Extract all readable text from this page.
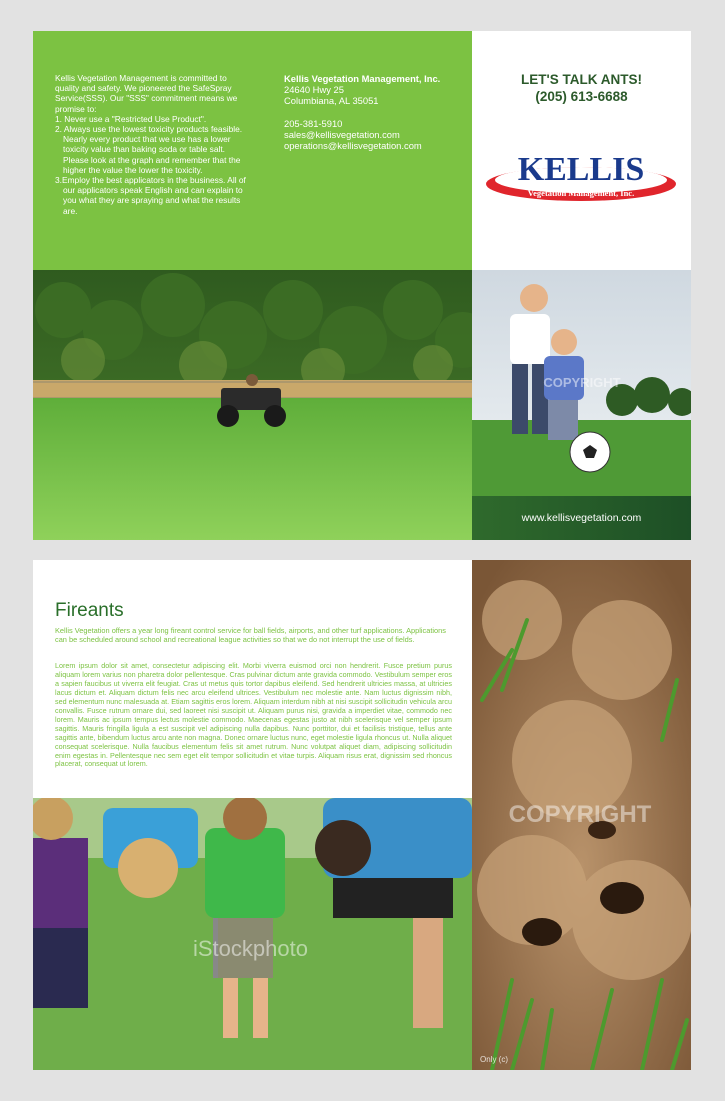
Kellis Vegetation Management is committed to quality and safety. We pioneered the SafeSpray Service(SSS). Our "SSS" commitment means we promise to:

1. Never use a "Restricted Use Product".
2. Always use the lowest toxicity products feasible. Nearly every product that we use has a lower toxicity value than baking soda or table salt. Please look at the graph and remember that the higher the value the lower the toxicity.
3.Employ the best applicators in the business. All of our applicators speak English and can explain to you what they are spraying and what the results are.
Kellis Vegetation Management, Inc.
24640 Hwy 25
Columbiana, AL 35051
205-381-5910
sales@kellisvegetation.com
operations@kellisvegetation.com
LET'S TALK ANTS!
(205) 613-6688
KELLIS
Vegetation Management, Inc.
COPYRIGHT
www.kellisvegetation.com
Fireants

Kellis Vegetation offers a year long fireant control service for ball fields, airports, and other turf applications. Applications can be scheduled around school and recreational league activities so that we do not interrupt the use of fields.

Lorem ipsum dolor sit amet, consectetur adipiscing elit. Morbi viverra euismod orci non hendrerit. Fusce pretium purus aliquam lorem varius non pharetra dolor pellentesque. Cras pulvinar dictum ante gravida commodo. Vestibulum semper eros a sapien faucibus ut viverra elit feugiat. Cras ut metus quis tortor dapibus eleifend. Sed hendrerit ultricies massa, at ultricies lacus dictum et. Aliquam dictum felis nec arcu eleifend ultrices. Vestibulum nec molestie ante. Nam luctus dignissim nibh, sed elementum nunc malesuada at. Etiam sagittis eros lorem. Aliquam interdum nibh at nisi suscipit sollicitudin vehicula arcu convallis. Fusce rutrum ornare dui, sed laoreet nisi suscipit ut. Aliquam purus nisi, gravida a imperdiet vitae, commodo nec lorem. Mauris ac ipsum tempus lectus molestie commodo. Maecenas egestas justo at nibh scelerisque vel semper ipsum sagittis. Mauris fringilla ligula a est suscipit vel adipiscing nulla dapibus. Nunc porttitor, dui et facilisis tristique, tellus ante sagittis ante, bibendum luctus arcu ante non magna. Donec ornare luctus nunc, eget molestie ligula rhoncus ut. Nulla aliquet consequat scelerisque. Nulla faucibus elementum felis sit amet rutrum. Nunc volutpat aliquet diam, adipiscing sollicitudin enim egestas in. Pellentesque nec sem eget elit tempor sollicitudin et vitae turpis. Aliquam risus erat, dignissim sed rhoncus placerat, consequat ut lorem.

iStockphoto
COPYRIGHT
Only (c)
